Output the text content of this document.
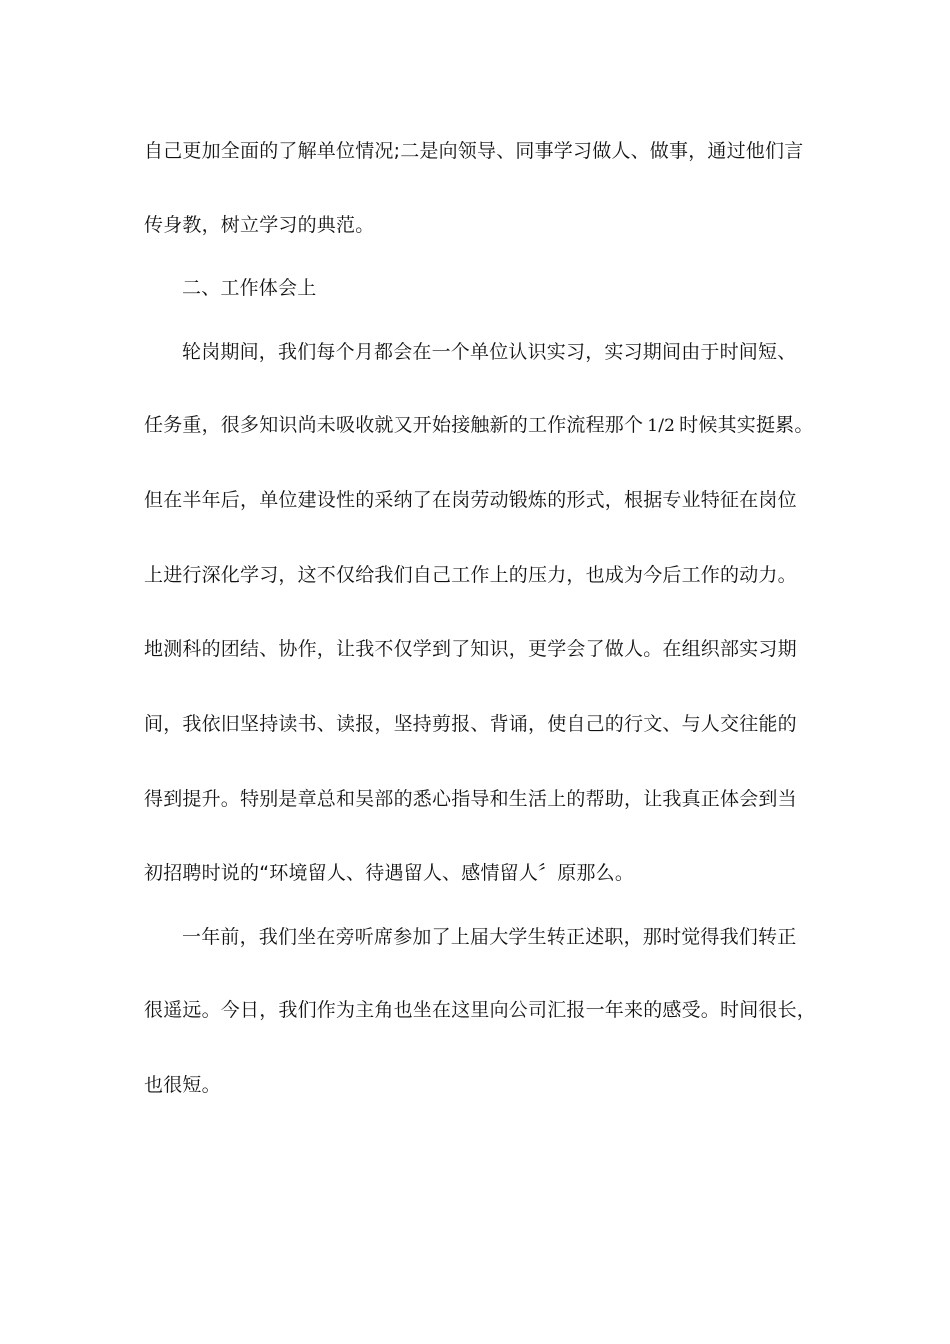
自己更加全面的了解单位情况;二是向领导、同事学习做人、做事，通过他们言
传身教，树立学习的典范。
二、工作体会上
轮岗期间，我们每个月都会在一个单位认识实习，实习期间由于时间短、
任务重，很多知识尚未吸收就又开始接触新的工作流程那个 1/2 时候其实挺累。
但在半年后，单位建设性的采纳了在岗劳动锻炼的形式，根据专业特征在岗位
上进行深化学习，这不仅给我们自己工作上的压力，也成为今后工作的动力。
地测科的团结、协作，让我不仅学到了知识，更学会了做人。在组织部实习期
间，我依旧坚持读书、读报，坚持剪报、背诵，使自己的行文、与人交往能的
得到提升。特别是章总和吴部的悉心指导和生活上的帮助，让我真正体会到当
初招聘时说的“环境留人、待遇留人、感情留人〞原那么。
一年前，我们坐在旁听席参加了上届大学生转正述职，那时觉得我们转正
很遥远。今日，我们作为主角也坐在这里向公司汇报一年来的感受。时间很长，
也很短。
